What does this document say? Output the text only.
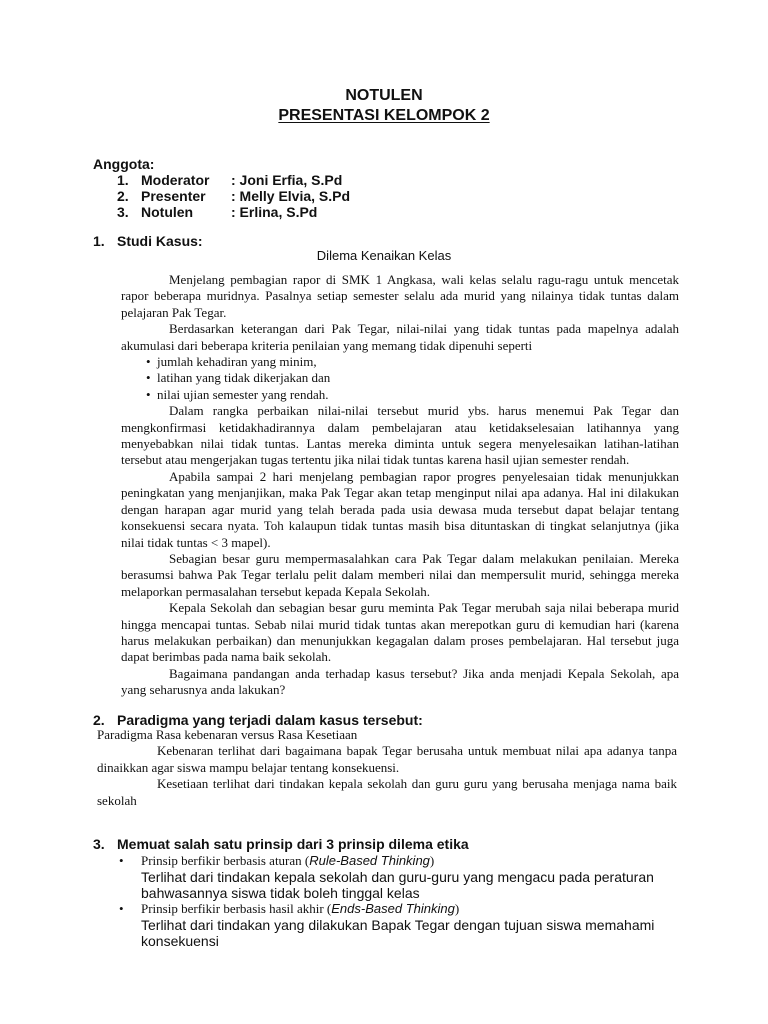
NOTULEN
PRESENTASI KELOMPOK 2
Anggota:
1. Moderator : Joni Erfia, S.Pd
2. Presenter : Melly Elvia, S.Pd
3. Notulen	: Erlina, S.Pd
1. Studi Kasus:
Dilema Kenaikan Kelas

Menjelang pembagian rapor di SMK 1 Angkasa, wali kelas selalu ragu-ragu untuk mencetak rapor beberapa muridnya. Pasalnya setiap semester selalu ada murid yang nilainya tidak tuntas dalam pelajaran Pak Tegar.

Berdasarkan keterangan dari Pak Tegar, nilai-nilai yang tidak tuntas pada mapelnya adalah akumulasi dari beberapa kriteria penilaian yang memang tidak dipenuhi seperti

• jumlah kehadiran yang minim,
• latihan yang tidak dikerjakan dan
• nilai ujian semester yang rendah.

Dalam rangka perbaikan nilai-nilai tersebut murid ybs. harus menemui Pak Tegar dan mengkonfirmasi ketidakhadirannya dalam pembelajaran atau ketidakselesaian latihannya yang menyebabkan nilai tidak tuntas. Lantas mereka diminta untuk segera menyelesaikan latihan-latihan tersebut atau mengerjakan tugas tertentu jika nilai tidak tuntas karena hasil ujian semester rendah.

Apabila sampai 2 hari menjelang pembagian rapor progres penyelesaian tidak menunjukkan peningkatan yang menjanjikan, maka Pak Tegar akan tetap menginput nilai apa adanya. Hal ini dilakukan dengan harapan agar murid yang telah berada pada usia dewasa muda tersebut dapat belajar tentang konsekuensi secara nyata. Toh kalaupun tidak tuntas masih bisa dituntaskan di tingkat selanjutnya (jika nilai tidak tuntas < 3 mapel).

Sebagian besar guru mempermasalahkan cara Pak Tegar dalam melakukan penilaian. Mereka berasumsi bahwa Pak Tegar terlalu pelit dalam memberi nilai dan mempersulit murid, sehingga mereka melaporkan permasalahan tersebut kepada Kepala Sekolah.

Kepala Sekolah dan sebagian besar guru meminta Pak Tegar merubah saja nilai beberapa murid hingga mencapai tuntas. Sebab nilai murid tidak tuntas akan merepotkan guru di kemudian hari (karena harus melakukan perbaikan) dan menunjukkan kegagalan dalam proses pembelajaran. Hal tersebut juga dapat berimbas pada nama baik sekolah.

Bagaimana pandangan anda terhadap kasus tersebut? Jika anda menjadi Kepala Sekolah, apa yang seharusnya anda lakukan?

2. Paradigma yang terjadi dalam kasus tersebut:

Paradigma Rasa kebenaran versus Rasa Kesetiaan

Kebenaran terlihat dari bagaimana bapak Tegar berusaha untuk membuat nilai apa adanya tanpa dinaikkan agar siswa mampu belajar tentang konsekuensi.

Kesetiaan terlihat dari tindakan kepala sekolah dan guru guru yang berusaha menjaga nama baik sekolah

3. Memuat salah satu prinsip dari 3 prinsip dilema etika
• Prinsip berfikir berbasis aturan (Rule-Based Thinking)
Terlihat dari tindakan kepala sekolah dan guru-guru yang mengacu pada peraturan bahwasannya siswa tidak boleh tinggal kelas
• Prinsip berfikir berbasis hasil akhir (Ends-Based Thinking)
Terlihat dari tindakan yang dilakukan Bapak Tegar dengan tujuan siswa memahami konsekuensi
